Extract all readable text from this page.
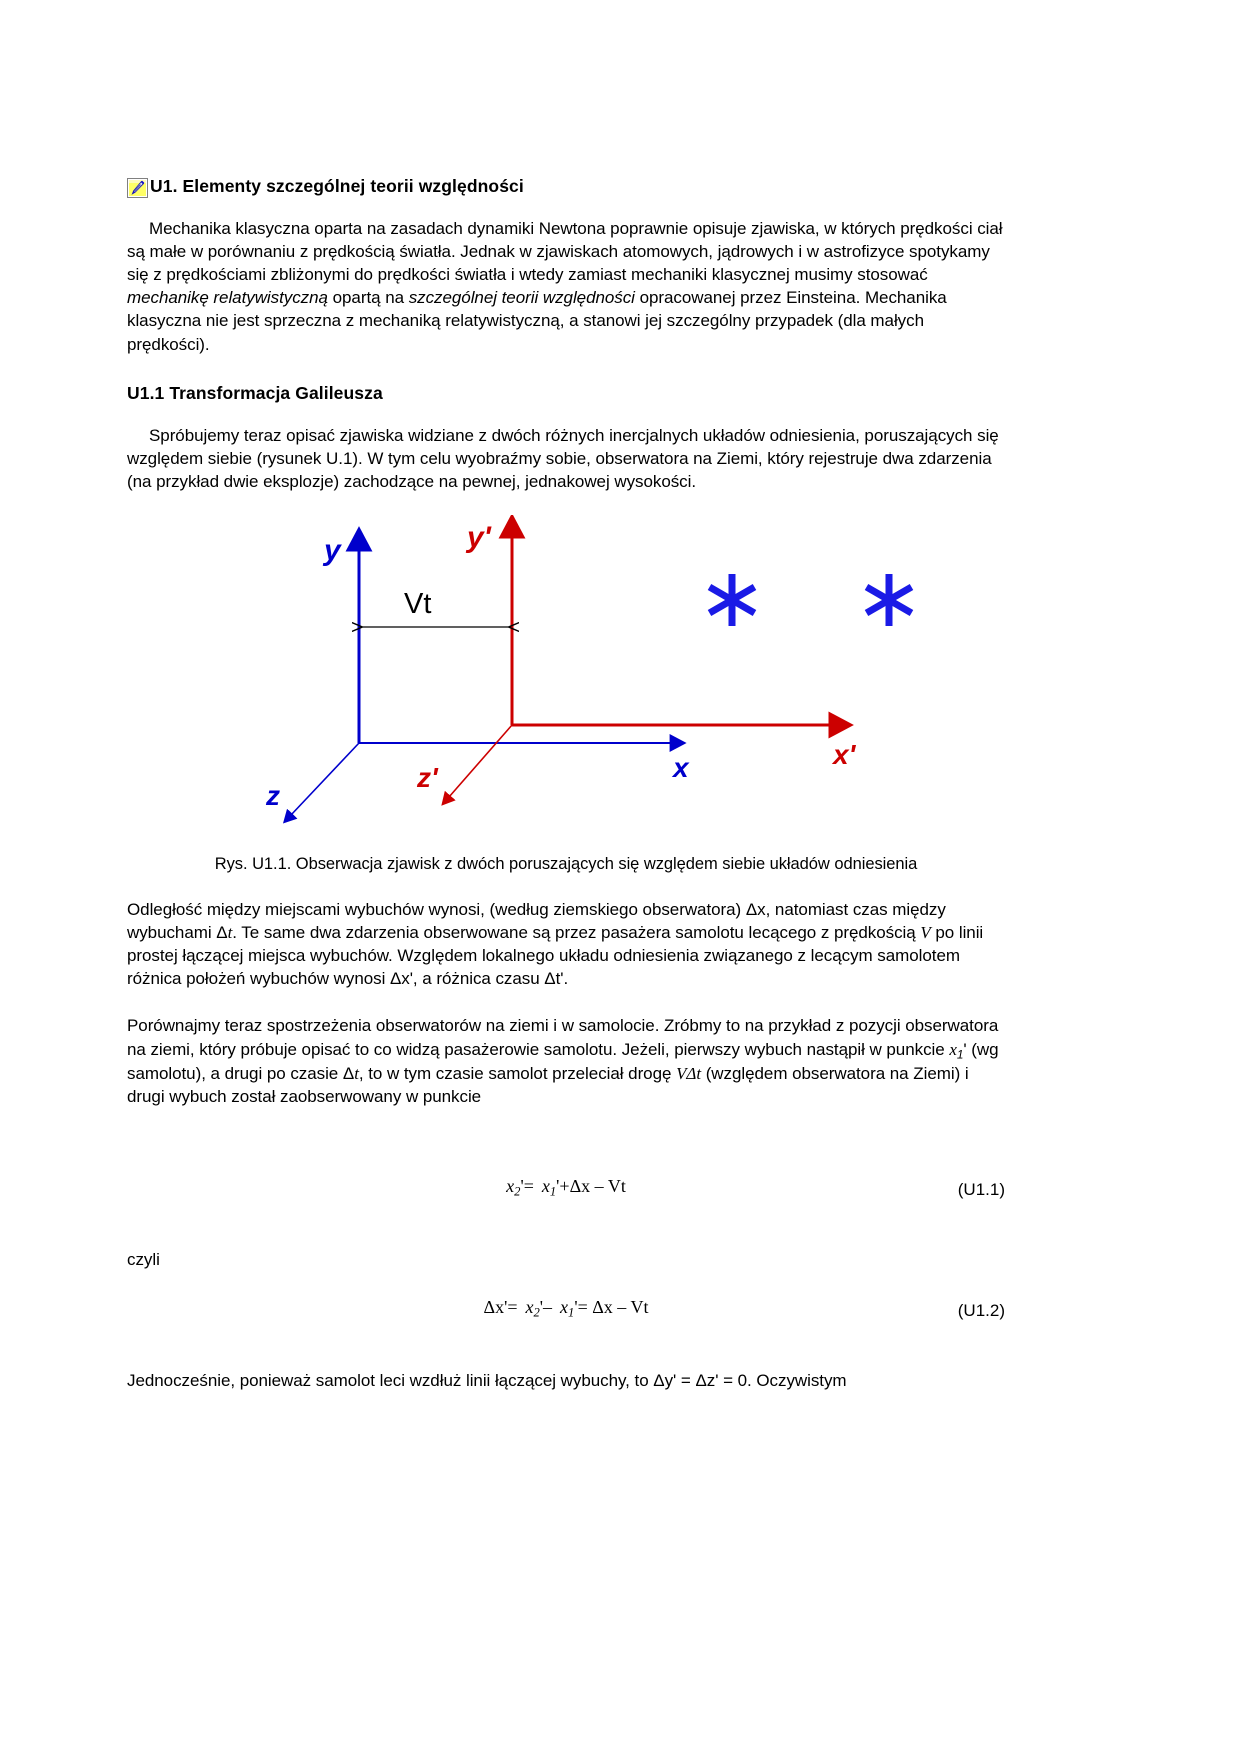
U1. Elementy szczególnej teorii względności

Mechanika klasyczna oparta na zasadach dynamiki Newtona poprawnie opisuje zjawiska, w których prędkości ciał są małe w porównaniu z prędkością światła. Jednak w zjawiskach atomowych, jądrowych i w astrofizyce spotykamy się z prędkościami zbliżonymi do prędkości światła i wtedy zamiast mechaniki klasycznej musimy stosować mechanikę relatywistyczną opartą na szczególnej teorii względności opracowanej przez Einsteina. Mechanika klasyczna nie jest sprzeczna z mechaniką relatywistyczną, a stanowi jej szczególny przypadek (dla małych prędkości).

U1.1 Transformacja Galileusza

Spróbujemy teraz opisać zjawiska widziane z dwóch różnych inercjalnych układów odniesienia, poruszających się względem siebie (rysunek U.1). W tym celu wyobraźmy sobie, obserwatora na Ziemi, który rejestruje dwa zdarzenia (na przykład dwie eksplozje) zachodzące na pewnej, jednakowej wysokości.

y	y'
x	x'
z
z'
Vt

Rys. U1.1. Obserwacja zjawisk z dwóch poruszających się względem siebie układów odniesienia

Odległość między miejscami wybuchów wynosi, (według ziemskiego obserwatora) Δx, natomiast czas między wybuchami Δt. Te same dwa zdarzenia obserwowane są przez pasażera samolotu lecącego z prędkością V po linii prostej łączącej miejsca wybuchów. Względem lokalnego układu odniesienia związanego z lecącym samolotem różnica położeń wybuchów wynosi Δx', a różnica czasu Δt'.

Porównajmy teraz spostrzeżenia obserwatorów na ziemi i w samolocie. Zróbmy to na przykład z pozycji obserwatora na ziemi, który próbuje opisać to co widzą pasażerowie samolotu. Jeżeli, pierwszy wybuch nastąpił w punkcie $x_1'$ (wg samolotu), a drugi po czasie Δt, to w tym czasie samolot przeleciał drogę VΔt (względem obserwatora na Ziemi) i drugi wybuch został zaobserwowany w punkcie

$x_2'= x_1'+\Delta x - Vt$	(U1.1)

czyli

$\Delta x'= x_2'-$ $x_1'= \Delta x - Vt$	(U1.2)

Jednocześnie, ponieważ samolot leci wzdłuż linii łączącej wybuchy, to Δy' = Δz' = 0. Oczywistym
